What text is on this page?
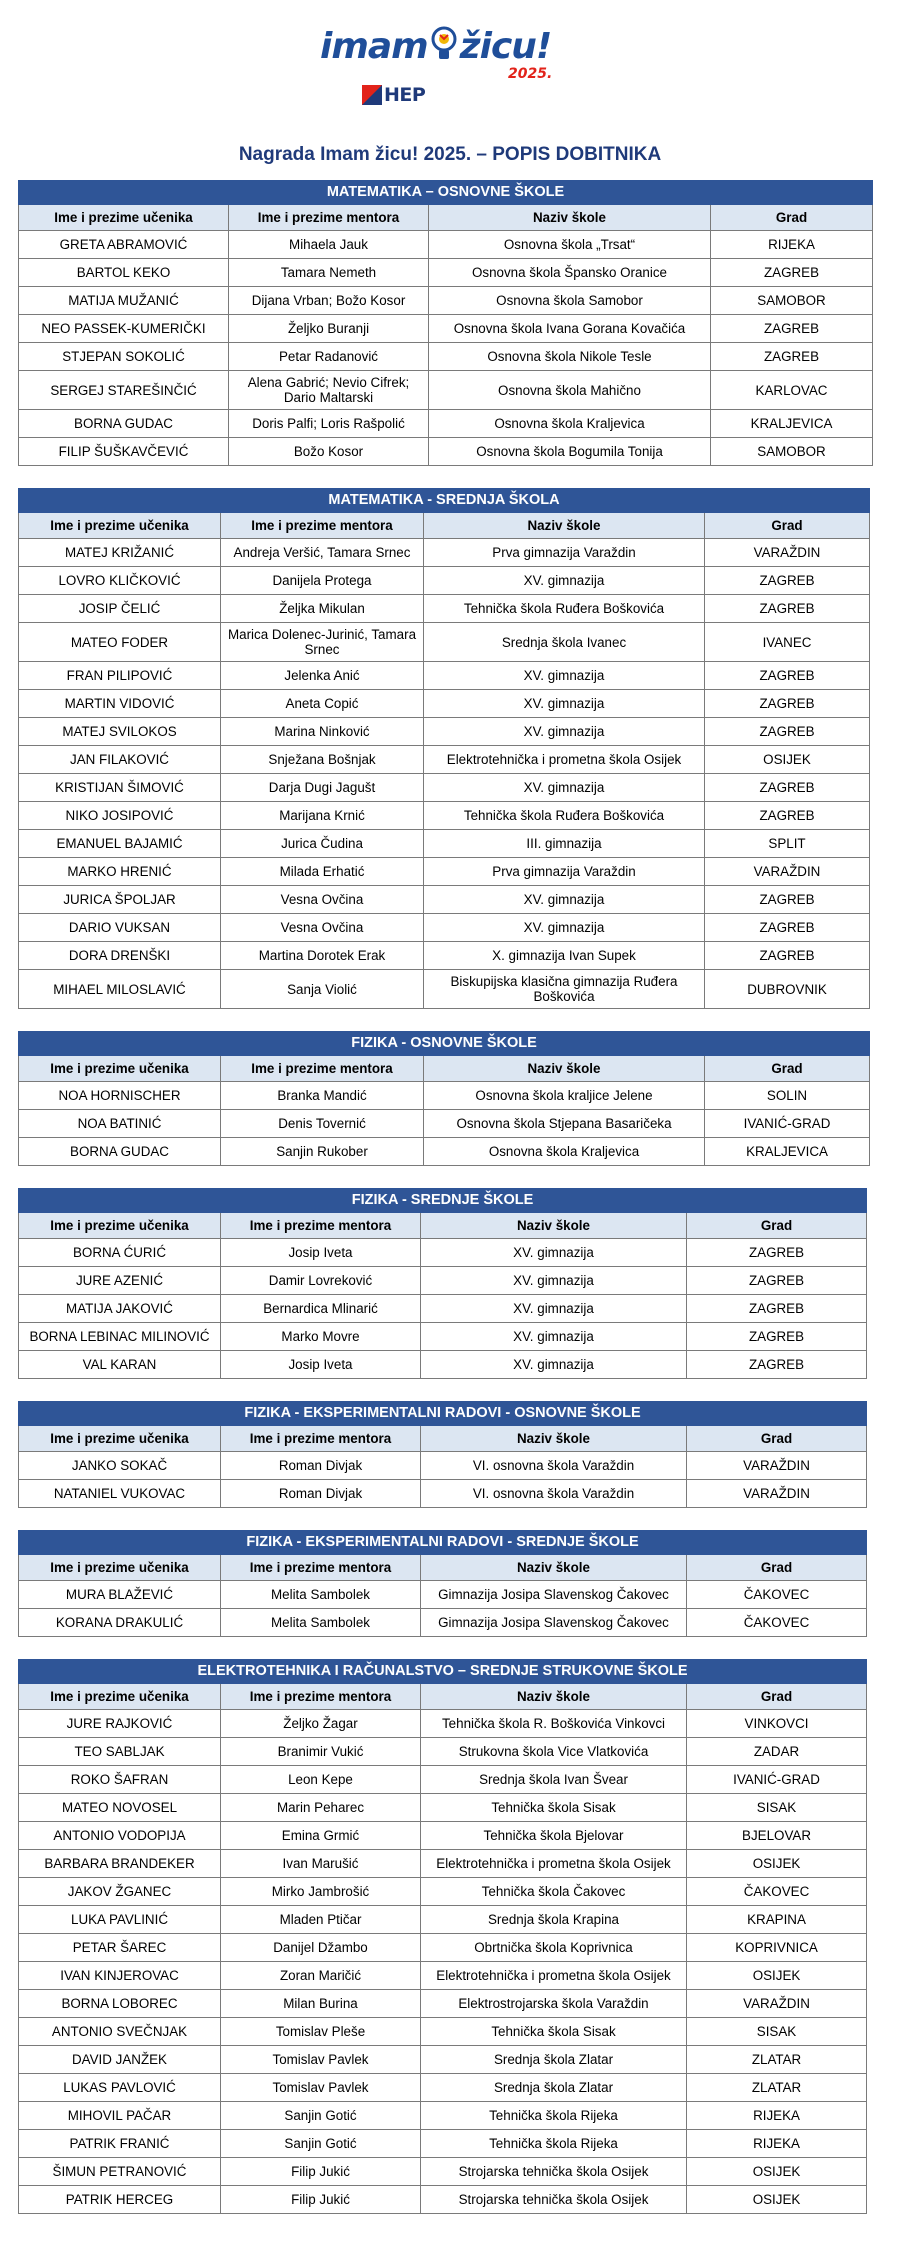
imam žicu!
2025.
HEP
Nagrada Imam žicu! 2025. – POPIS DOBITNIKA
MATEMATIKA – OSNOVNE ŠKOLE			
Ime i prezime učenika	Ime i prezime mentora	Naziv škole	Grad
GRETA ABRAMOVIĆ	Mihaela Jauk	Osnovna škola „Trsat“	RIJEKA
BARTOL KEKO	Tamara Nemeth	Osnovna škola Špansko Oranice	ZAGREB
MATIJA MUŽANIĆ	Dijana Vrban; Božo Kosor	Osnovna škola Samobor	SAMOBOR
NEO PASSEK-KUMERIČKI	Željko Buranji	Osnovna škola Ivana Gorana Kovačića	ZAGREB
STJEPAN SOKOLIĆ	Petar Radanović	Osnovna škola Nikole Tesle	ZAGREB
SERGEJ STAREŠINČIĆ	Alena Gabrić; Nevio Cifrek; Dario Maltarski	Osnovna škola Mahično	KARLOVAC
BORNA GUDAC	Doris Palfi; Loris Rašpolić	Osnovna škola Kraljevica	KRALJEVICA
FILIP ŠUŠKAVČEVIĆ	Božo Kosor	Osnovna škola Bogumila Tonija	SAMOBOR
MATEMATIKA - SREDNJA ŠKOLA			
Ime i prezime učenika	Ime i prezime mentora	Naziv škole	Grad
MATEJ KRIŽANIĆ	Andreja Veršić, Tamara Srnec	Prva gimnazija Varaždin	VARAŽDIN
LOVRO KLIČKOVIĆ	Danijela Protega	XV. gimnazija	ZAGREB
JOSIP ČELIĆ	Željka Mikulan	Tehnička škola Ruđera Boškovića	ZAGREB
MATEO FODER	Marica Dolenec-Jurinić, Tamara Srnec	Srednja škola Ivanec	IVANEC
FRAN PILIPOVIĆ	Jelenka Anić	XV. gimnazija	ZAGREB
MARTIN VIDOVIĆ	Aneta Copić	XV. gimnazija	ZAGREB
MATEJ SVILOKOS	Marina Ninković	XV. gimnazija	ZAGREB
JAN FILAKOVIĆ	Snježana Bošnjak	Elektrotehnička i prometna škola Osijek	OSIJEK
KRISTIJAN ŠIMOVIĆ	Darja Dugi Jagušt	XV. gimnazija	ZAGREB
NIKO JOSIPOVIĆ	Marijana Krnić	Tehnička škola Ruđera Boškovića	ZAGREB
EMANUEL BAJAMIĆ	Jurica Čudina	III. gimnazija	SPLIT
MARKO HRENIĆ	Milada Erhatić	Prva gimnazija Varaždin	VARAŽDIN
JURICA ŠPOLJAR	Vesna Ovčina	XV. gimnazija	ZAGREB
DARIO VUKSAN	Vesna Ovčina	XV. gimnazija	ZAGREB
DORA DRENŠKI	Martina Dorotek Erak	X. gimnazija Ivan Supek	ZAGREB
MIHAEL MILOSLAVIĆ	Sanja Violić	Biskupijska klasična gimnazija Ruđera Boškovića	DUBROVNIK
FIZIKA - OSNOVNE ŠKOLE			
Ime i prezime učenika	Ime i prezime mentora	Naziv škole	Grad
NOA HORNISCHER	Branka Mandić	Osnovna škola kraljice Jelene	SOLIN
NOA BATINIĆ	Denis Tovernić	Osnovna škola Stjepana Basaričeka	IVANIĆ-GRAD
BORNA GUDAC	Sanjin Rukober	Osnovna škola Kraljevica	KRALJEVICA
FIZIKA - SREDNJE ŠKOLE			
Ime i prezime učenika	Ime i prezime mentora	Naziv škole	Grad
BORNA ĆURIĆ	Josip Iveta	XV. gimnazija	ZAGREB
JURE AZENIĆ	Damir Lovreković	XV. gimnazija	ZAGREB
MATIJA JAKOVIĆ	Bernardica Mlinarić	XV. gimnazija	ZAGREB
BORNA LEBINAC MILINOVIĆ	Marko Movre	XV. gimnazija	ZAGREB
VAL KARAN	Josip Iveta	XV. gimnazija	ZAGREB
FIZIKA - EKSPERIMENTALNI RADOVI - OSNOVNE ŠKOLE			
Ime i prezime učenika	Ime i prezime mentora	Naziv škole	Grad
JANKO SOKAČ	Roman Divjak	VI. osnovna škola Varaždin	VARAŽDIN
NATANIEL VUKOVAC	Roman Divjak	VI. osnovna škola Varaždin	VARAŽDIN
FIZIKA - EKSPERIMENTALNI RADOVI - SREDNJE ŠKOLE			
Ime i prezime učenika	Ime i prezime mentora	Naziv škole	Grad
MURA BLAŽEVIĆ	Melita Sambolek	Gimnazija Josipa Slavenskog Čakovec	ČAKOVEC
KORANA DRAKULIĆ	Melita Sambolek	Gimnazija Josipa Slavenskog Čakovec	ČAKOVEC
ELEKTROTEHNIKA I RAČUNALSTVO – SREDNJE STRUKOVNE ŠKOLE			
Ime i prezime učenika	Ime i prezime mentora	Naziv škole	Grad
JURE RAJKOVIĆ	Željko Žagar	Tehnička škola R. Boškovića Vinkovci	VINKOVCI
TEO SABLJAK	Branimir Vukić	Strukovna škola Vice Vlatkovića	ZADAR
ROKO ŠAFRAN	Leon Kepe	Srednja škola Ivan Švear	IVANIĆ-GRAD
MATEO NOVOSEL	Marin Peharec	Tehnička škola Sisak	SISAK
ANTONIO VODOPIJA	Emina Grmić	Tehnička škola Bjelovar	BJELOVAR
BARBARA BRANDEKER	Ivan Marušić	Elektrotehnička i prometna škola Osijek	OSIJEK
JAKOV ŽGANEC	Mirko Jambrošić	Tehnička škola Čakovec	ČAKOVEC
LUKA PAVLINIĆ	Mladen Ptičar	Srednja škola Krapina	KRAPINA
PETAR ŠAREC	Danijel Džambo	Obrtnička škola Koprivnica	KOPRIVNICA
IVAN KINJEROVAC	Zoran Maričić	Elektrotehnička i prometna škola Osijek	OSIJEK
BORNA LOBOREC	Milan Burina	Elektrostrojarska škola Varaždin	VARAŽDIN
ANTONIO SVEČNJAK	Tomislav Pleše	Tehnička škola Sisak	SISAK
DAVID JANŽEK	Tomislav Pavlek	Srednja škola Zlatar	ZLATAR
LUKAS PAVLOVIĆ	Tomislav Pavlek	Srednja škola Zlatar	ZLATAR
MIHOVIL PAČAR	Sanjin Gotić	Tehnička škola Rijeka	RIJEKA
PATRIK FRANIĆ	Sanjin Gotić	Tehnička škola Rijeka	RIJEKA
ŠIMUN PETRANOVIĆ	Filip Jukić	Strojarska tehnička škola Osijek	OSIJEK
PATRIK HERCEG	Filip Jukić	Strojarska tehnička škola Osijek	OSIJEK
